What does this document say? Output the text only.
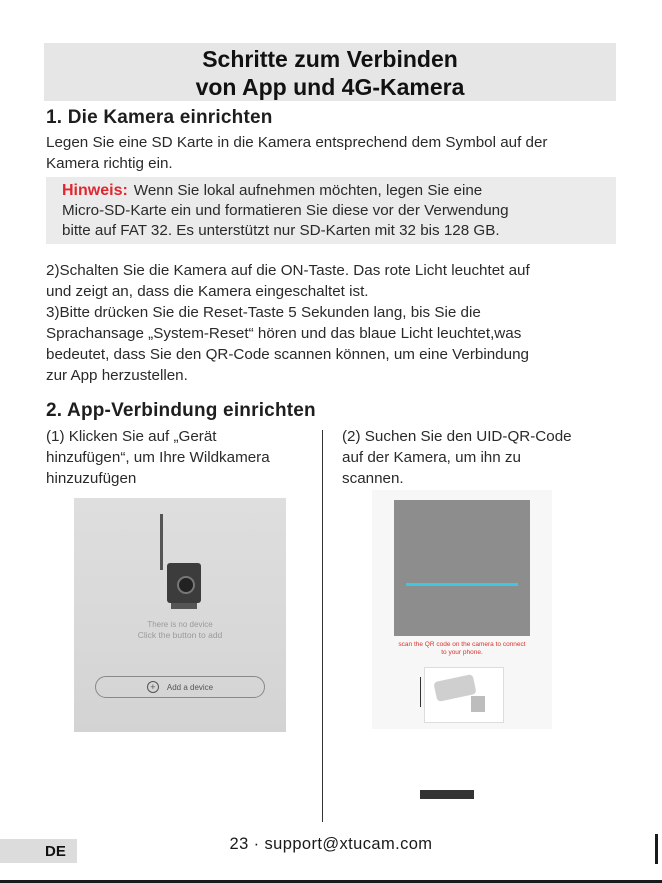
Schritte zum Verbinden
von App und 4G-Kamera
1. Die Kamera einrichten
Legen Sie eine SD Karte in die Kamera entsprechend dem Symbol auf der
Kamera richtig ein.
Hinweis: Wenn Sie lokal aufnehmen möchten, legen Sie eine
Micro-SD-Karte ein und formatieren Sie diese vor der Verwendung
bitte auf FAT 32. Es unterstützt nur SD-Karten mit 32 bis 128 GB.
2)Schalten Sie die Kamera auf die ON-Taste. Das rote Licht leuchtet auf
und zeigt an, dass die Kamera eingeschaltet ist.
3)Bitte drücken Sie die Reset-Taste 5 Sekunden lang, bis Sie die
Sprachansage „System-Reset“ hören und das blaue Licht leuchtet,was
bedeutet, dass Sie den QR-Code scannen können, um eine Verbindung
zur App herzustellen.
2. App-Verbindung einrichten
(1) Klicken Sie auf „Gerät
hinzufügen“, um Ihre Wildkamera
hinzuzufügen
(2) Suchen Sie den UID-QR-Code
auf der Kamera, um ihn zu
scannen.
There is no device
Click the button to add
+	Add a device
scan the QR code on the camera to connect
to your phone.
DE	23 · support@xtucam.com
